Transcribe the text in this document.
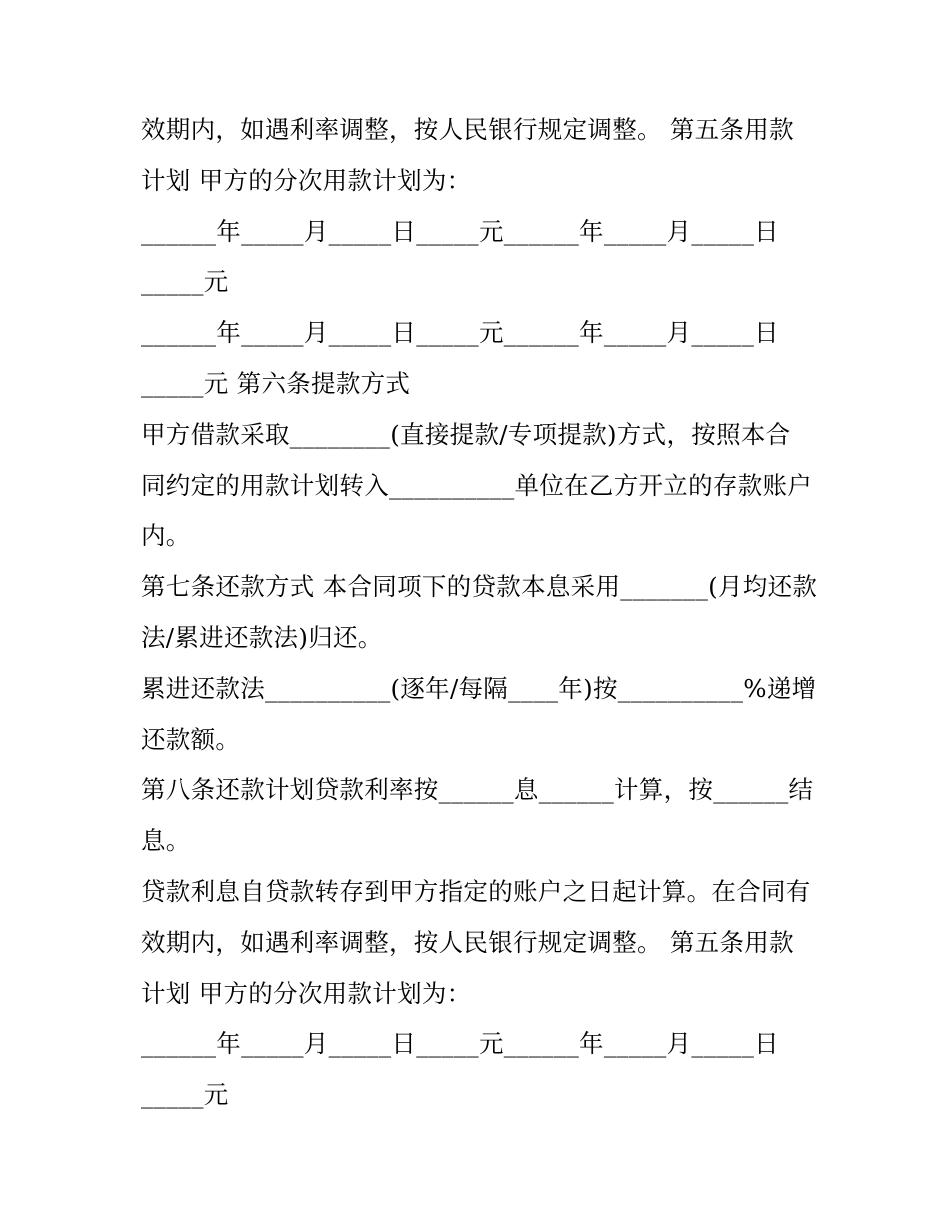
效期内，如遇利率调整，按人民银行规定调整。 第五条用款
计划 甲方的分次用款计划为：
______年_____月_____日_____元______年_____月_____日
_____元
______年_____月_____日_____元______年_____月_____日
_____元 第六条提款方式
甲方借款采取________(直接提款/专项提款)方式，按照本合
同约定的用款计划转入__________单位在乙方开立的存款账户
内。
第七条还款方式 本合同项下的贷款本息采用_______(月均还款
法/累进还款法)归还。
累进还款法__________(逐年/每隔____年)按__________%递增
还款额。
第八条还款计划贷款利率按______息______计算，按______结
息。
贷款利息自贷款转存到甲方指定的账户之日起计算。在合同有
效期内，如遇利率调整，按人民银行规定调整。 第五条用款
计划 甲方的分次用款计划为：
______年_____月_____日_____元______年_____月_____日
_____元
